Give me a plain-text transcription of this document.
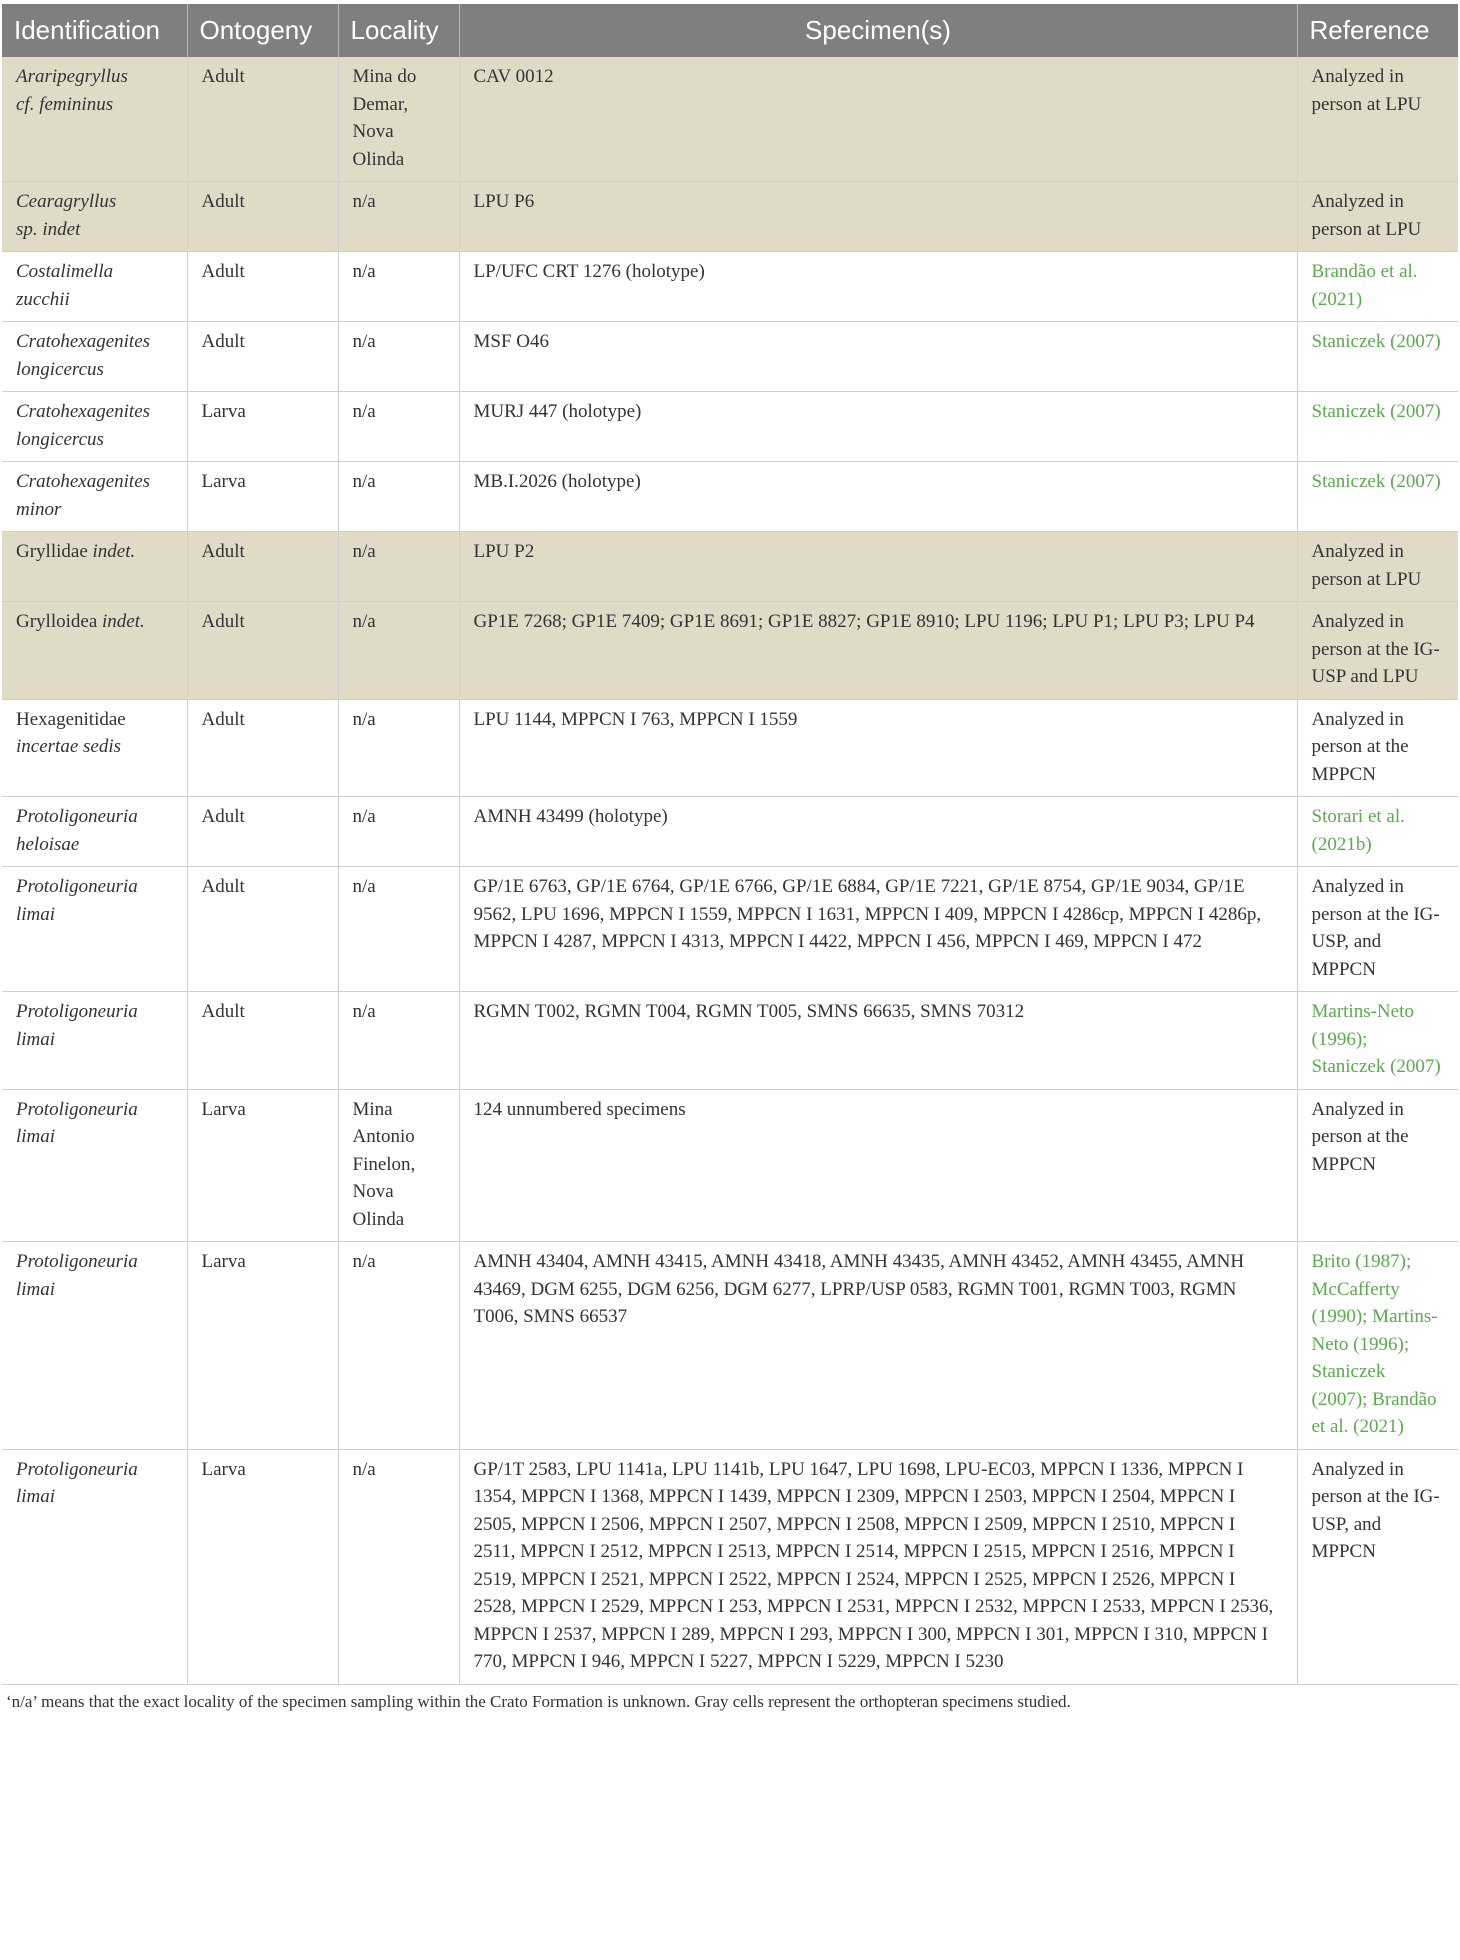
Identification	Ontogeny	Locality	Specimen(s)	Reference
Araripegryllus
cf. femininus	Adult	Mina do Demar, Nova Olinda	CAV 0012	Analyzed in person at LPU
Cearagryllus
sp. indet	Adult	n/a	LPU P6	Analyzed in person at LPU
Costalimella
zucchii	Adult	n/a	LP/UFC CRT 1276 (holotype)	Brandão et al. (2021)
Cratohexagenites
longicercus	Adult	n/a	MSF O46	Staniczek (2007)
Cratohexagenites
longicercus	Larva	n/a	MURJ 447 (holotype)	Staniczek (2007)
Cratohexagenites
minor	Larva	n/a	MB.I.2026 (holotype)	Staniczek (2007)
Gryllidae indet.	Adult	n/a	LPU P2	Analyzed in person at LPU
Grylloidea indet.	Adult	n/a	GP1E 7268; GP1E 7409; GP1E 8691; GP1E 8827; GP1E 8910; LPU 1196; LPU P1; LPU P3; LPU P4	Analyzed in person at the IG-USP and LPU
Hexagenitidae
incertae sedis	Adult	n/a	LPU 1144, MPPCN I 763, MPPCN I 1559	Analyzed in person at the MPPCN
Protoligoneuria
heloisae	Adult	n/a	AMNH 43499 (holotype)	Storari et al. (2021b)
Protoligoneuria
limai	Adult	n/a	GP/1E 6763, GP/1E 6764, GP/1E 6766, GP/1E 6884, GP/1E 7221, GP/1E 8754, GP/1E 9034, GP/1E 9562, LPU 1696, MPPCN I 1559, MPPCN I 1631, MPPCN I 409, MPPCN I 4286cp, MPPCN I 4286p, MPPCN I 4287, MPPCN I 4313, MPPCN I 4422, MPPCN I 456, MPPCN I 469, MPPCN I 472	Analyzed in person at the IG-USP, and MPPCN
Protoligoneuria
limai	Adult	n/a	RGMN T002, RGMN T004, RGMN T005, SMNS 66635, SMNS 70312	Martins-Neto (1996); Staniczek (2007)
Protoligoneuria
limai	Larva	Mina Antonio Finelon, Nova Olinda	124 unnumbered specimens	Analyzed in person at the MPPCN
Protoligoneuria
limai	Larva	n/a	AMNH 43404, AMNH 43415, AMNH 43418, AMNH 43435, AMNH 43452, AMNH 43455, AMNH 43469, DGM 6255, DGM 6256, DGM 6277, LPRP/USP 0583, RGMN T001, RGMN T003, RGMN T006, SMNS 66537	Brito (1987); McCafferty (1990); Martins-Neto (1996); Staniczek (2007); Brandão et al. (2021)
Protoligoneuria
limai	Larva	n/a	GP/1T 2583, LPU 1141a, LPU 1141b, LPU 1647, LPU 1698, LPU-EC03, MPPCN I 1336, MPPCN I 1354, MPPCN I 1368, MPPCN I 1439, MPPCN I 2309, MPPCN I 2503, MPPCN I 2504, MPPCN I 2505, MPPCN I 2506, MPPCN I 2507, MPPCN I 2508, MPPCN I 2509, MPPCN I 2510, MPPCN I 2511, MPPCN I 2512, MPPCN I 2513, MPPCN I 2514, MPPCN I 2515, MPPCN I 2516, MPPCN I 2519, MPPCN I 2521, MPPCN I 2522, MPPCN I 2524, MPPCN I 2525, MPPCN I 2526, MPPCN I 2528, MPPCN I 2529, MPPCN I 253, MPPCN I 2531, MPPCN I 2532, MPPCN I 2533, MPPCN I 2536, MPPCN I 2537, MPPCN I 289, MPPCN I 293, MPPCN I 300, MPPCN I 301, MPPCN I 310, MPPCN I 770, MPPCN I 946, MPPCN I 5227, MPPCN I 5229, MPPCN I 5230	Analyzed in person at the IG-USP, and MPPCN
‘n/a’ means that the exact locality of the specimen sampling within the Crato Formation is unknown. Gray cells represent the orthopteran specimens studied.
